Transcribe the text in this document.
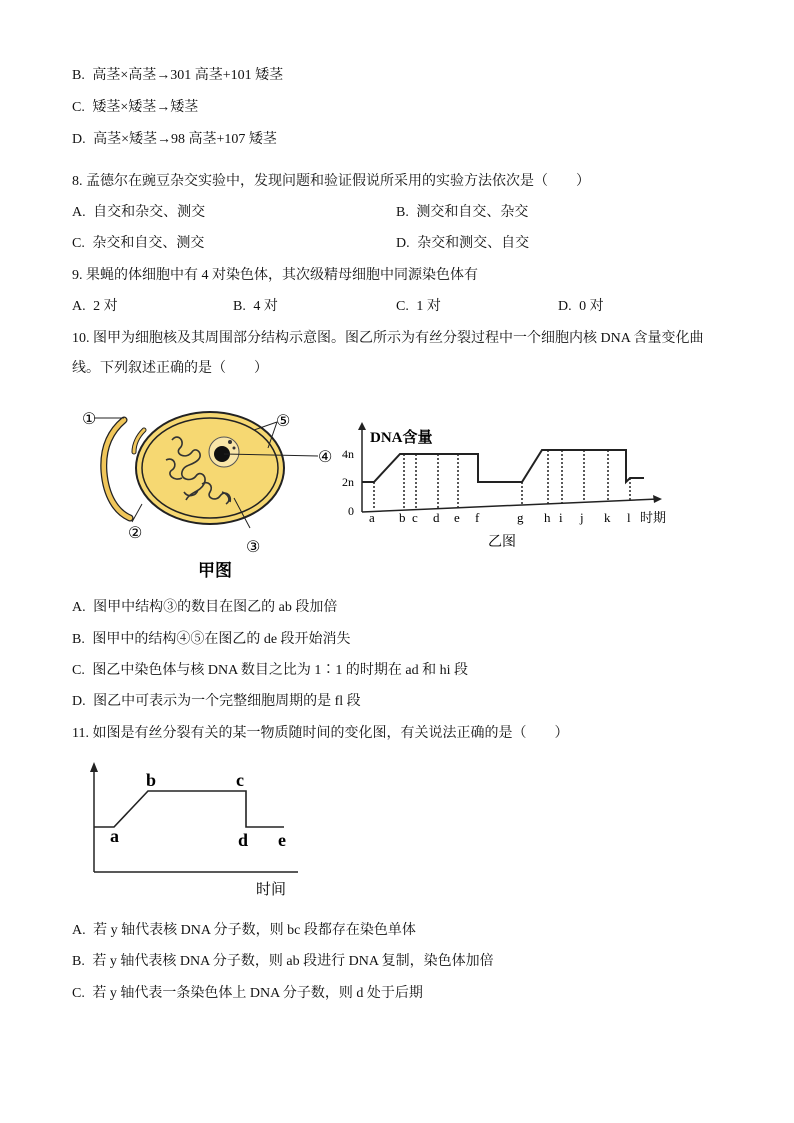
B. 高茎×高茎→301 高茎+101 矮茎
C. 矮茎×矮茎→矮茎
D. 高茎×矮茎→98 高茎+107 矮茎
8. 孟德尔在豌豆杂交实验中，发现问题和验证假说所采用的实验方法依次是（　　）
A. 自交和杂交、测交	B. 测交和自交、杂交
C. 杂交和自交、测交	D. 杂交和测交、自交
9. 果蝇的体细胞中有 4 对染色体，其次级精母细胞中同源染色体有
A. 2 对	B. 4 对	C. 1 对	D. 0 对
10. 图甲为细胞核及其周围部分结构示意图。图乙所示为有丝分裂过程中一个细胞内核 DNA 含量变化曲
线。下列叙述正确的是（　　）
①
②
③
④
⑤
甲图
DNA含量
4n
2n
0 a b c d e f	g h i j k l 时期
乙图
A. 图甲中结构③的数目在图乙的 ab 段加倍
B. 图甲中的结构④⑤在图乙的 de 段开始消失
C. 图乙中染色体与核 DNA 数目之比为 1∶1 的时期在 ad 和 hi 段
D. 图乙中可表示为一个完整细胞周期的是 fl 段
11. 如图是有丝分裂有关的某一物质随时间的变化图，有关说法正确的是（　　）
a
b	c
d e
时间
A. 若 y 轴代表核 DNA 分子数，则 bc 段都存在染色单体
B. 若 y 轴代表核 DNA 分子数，则 ab 段进行 DNA 复制，染色体加倍
C. 若 y 轴代表一条染色体上 DNA 分子数，则 d 处于后期
